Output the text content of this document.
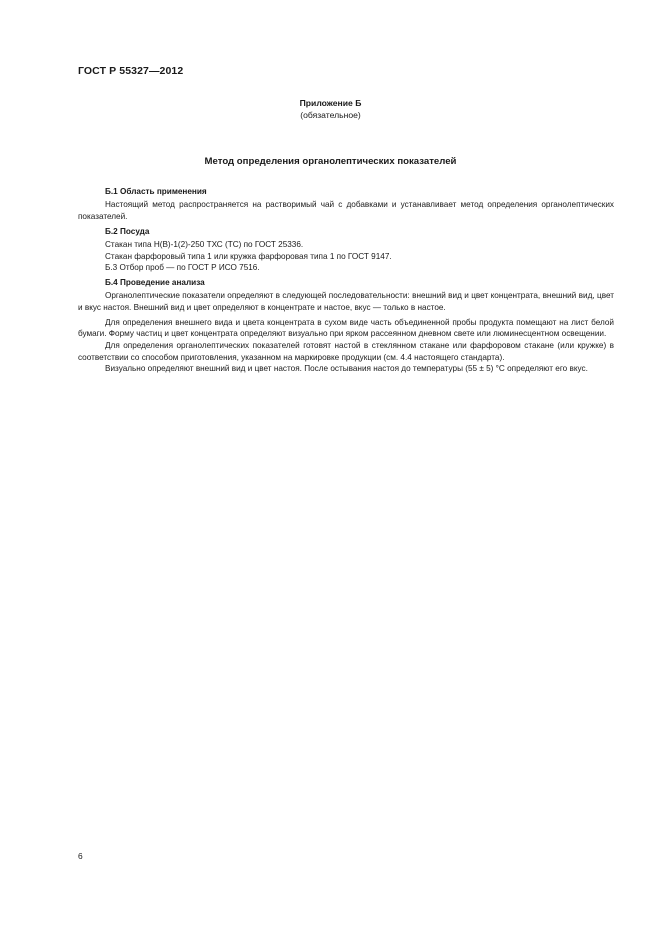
ГОСТ Р 55327—2012
Приложение Б
(обязательное)
Метод определения органолептических показателей

Б.1 Область применения

Настоящий метод распространяется на растворимый чай с добавками и устанавливает метод определения органолептических показателей.

Б.2 Посуда

Стакан типа Н(В)-1(2)-250 ТХС (ТС) по ГОСТ 25336.

Стакан фарфоровый типа 1 или кружка фарфоровая типа 1 по ГОСТ 9147.

Б.3 Отбор проб — по ГОСТ Р ИСО 7516.

Б.4 Проведение анализа

Органолептические показатели определяют в следующей последовательности: внешний вид и цвет концентрата, внешний вид, цвет и вкус настоя. Внешний вид и цвет определяют в концентрате и настое, вкус — только в настое.

Для определения внешнего вида и цвета концентрата в сухом виде часть объединенной пробы продукта помещают на лист белой бумаги. Форму частиц и цвет концентрата определяют визуально при ярком рассеянном дневном свете или люминесцентном освещении.

Для определения органолептических показателей готовят настой в стеклянном стакане или фарфоровом стакане (или кружке) в соответствии со способом приготовления, указанном на маркировке продукции (см. 4.4 настоящего стандарта).

Визуально определяют внешний вид и цвет настоя. После остывания настоя до температуры (55 ± 5) °С определяют его вкус.

6
